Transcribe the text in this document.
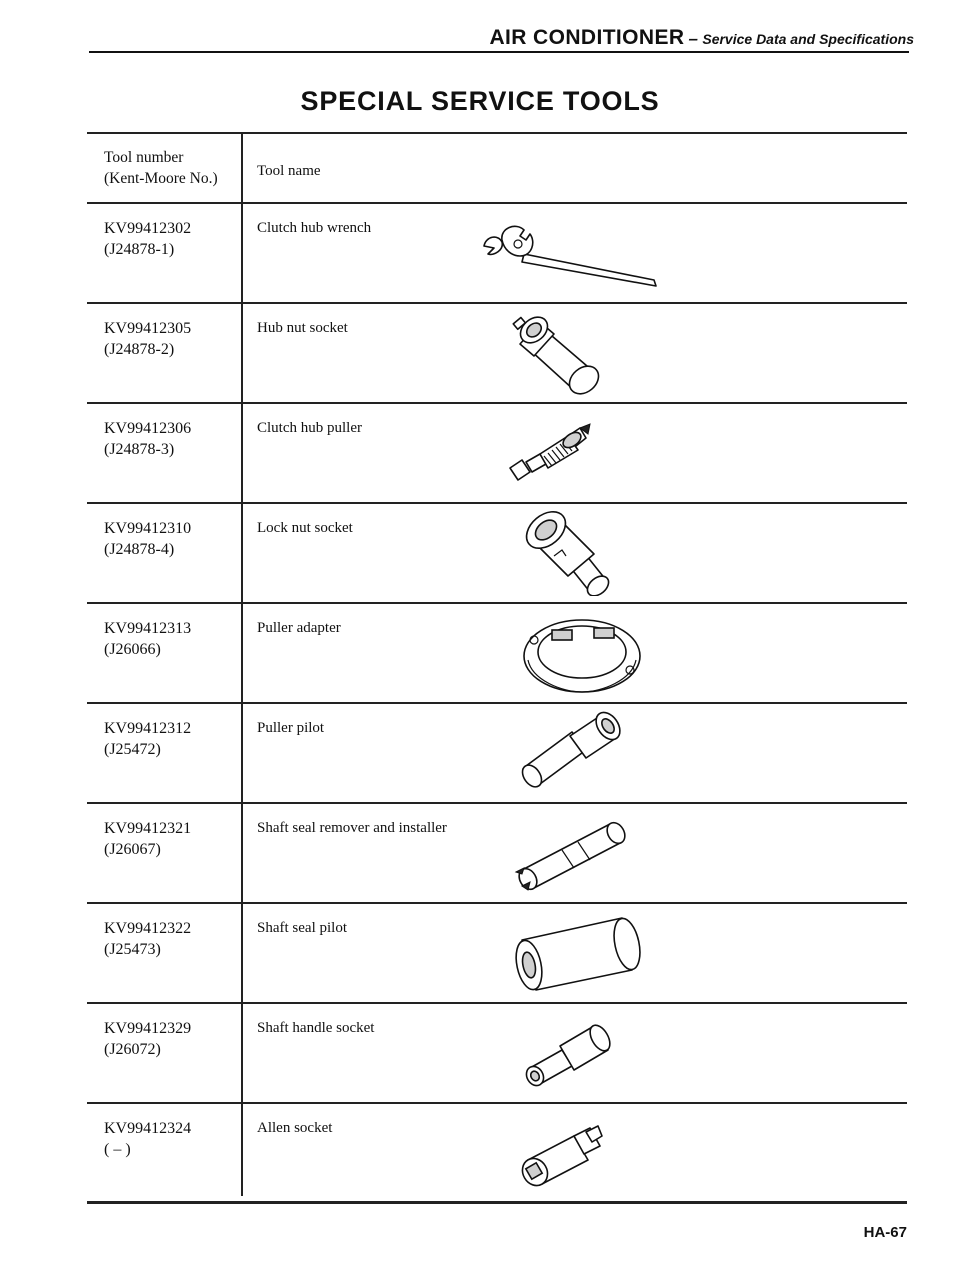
AIR CONDITIONER – Service Data and Specifications
SPECIAL SERVICE TOOLS
Tool number
(Kent-Moore No.)	Tool name
KV99412302
(J24878-1)
Clutch hub wrench
KV99412305
(J24878-2)
Hub nut socket
KV99412306
(J24878-3)
Clutch hub puller
KV99412310
(J24878-4)
Lock nut socket
KV99412313
(J26066)
Puller adapter
KV99412312
(J25472)
Puller pilot
KV99412321
(J26067)
Shaft seal remover and installer
KV99412322
(J25473)
Shaft seal pilot
KV99412329
(J26072)
Shaft handle socket
KV99412324
( – )
Allen socket
HA-67
